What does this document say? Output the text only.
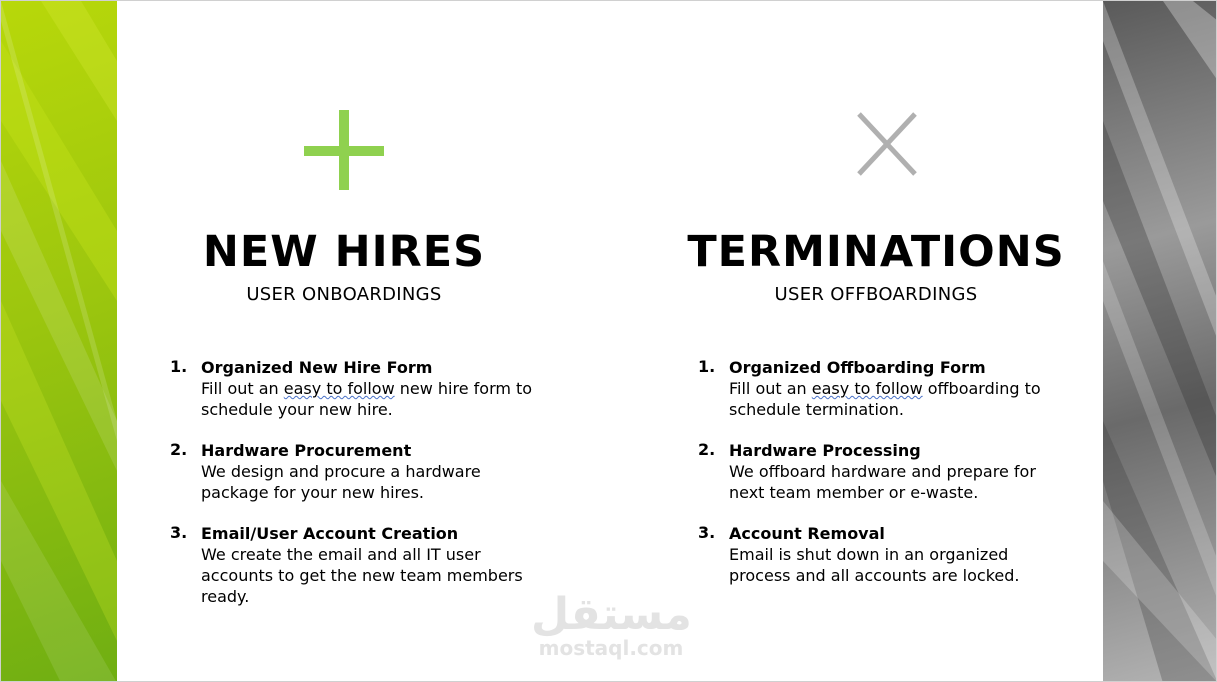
NEW HIRES
USER ONBOARDINGS
TERMINATIONS
USER OFFBOARDINGS
1. Organized New Hire Form
Fill out an easy to follow new hire form to
schedule your new hire.
2. Hardware Procurement
We design and procure a hardware
package for your new hires.
3. Email/User Account Creation
We create the email and all IT user
accounts to get the new team members
ready.
1. Organized Offboarding Form
Fill out an easy to follow offboarding to
schedule termination.
2. Hardware Processing
We offboard hardware and prepare for
next team member or e-waste.
3. Account Removal
Email is shut down in an organized
process and all accounts are locked.
مستقل
mostaql.com
